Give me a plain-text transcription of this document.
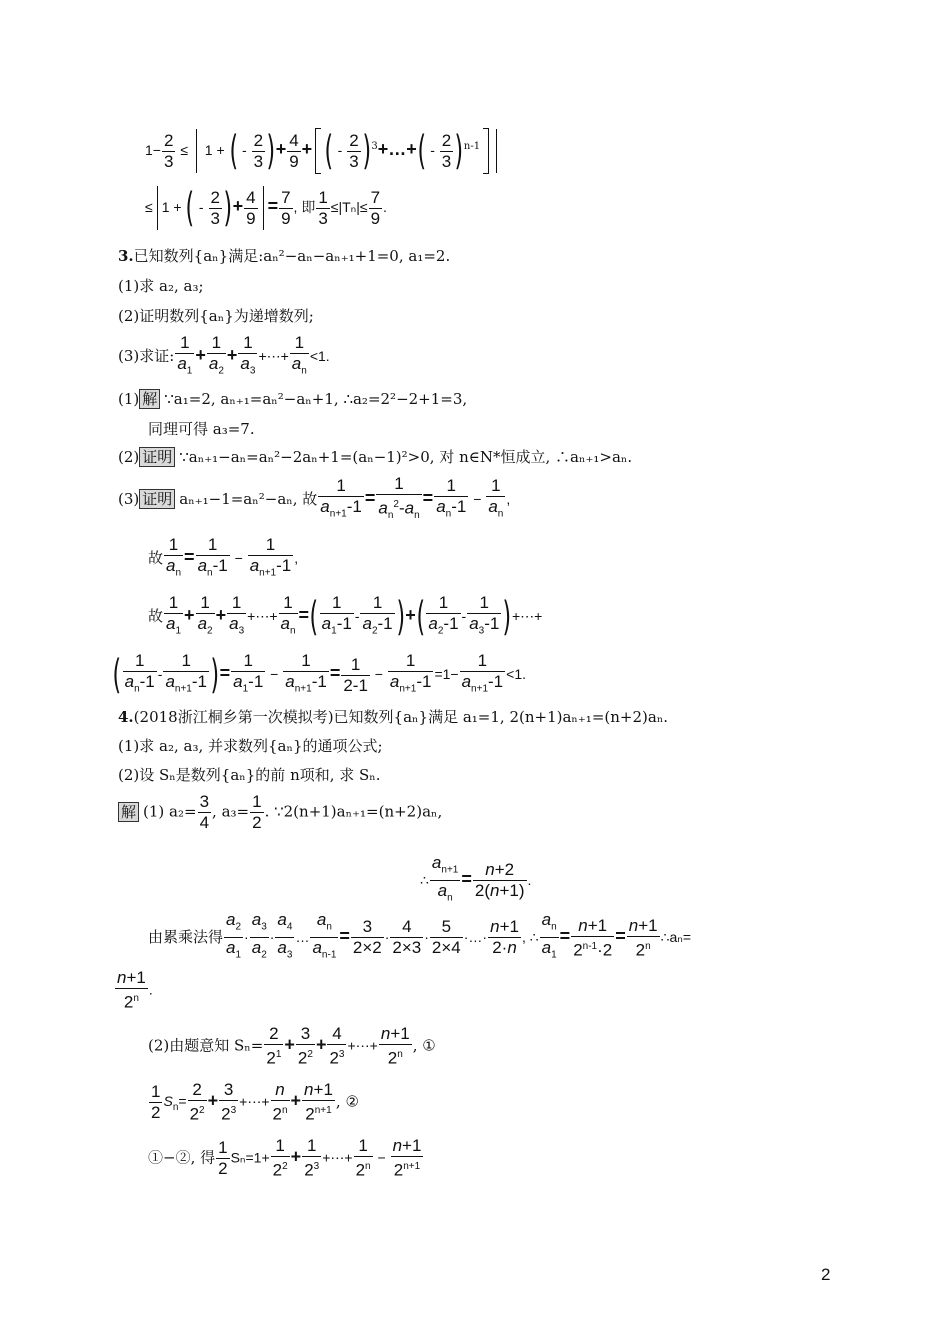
$1- \frac{2}{3} \le 1$ + ( - $\frac{2}{3}$ )+ $\frac{4}{9}$ + ( - $\frac{2}{3}$ )$^3$+…+( - $\frac{2}{3} )^{n-1}$
≤ 1 + ( - $\frac{2}{3}$ )+ $\frac{4}{9} = \frac{7}{9}$ , 即 $\frac{1}{3} \le|T_n|\le \frac{7}{9}$ .
3.已知数列{aₙ}满足:aₙ²−aₙ−aₙ₊₁+1=0, a₁=2.
(1)求 a₂, a₃;
(2)证明数列{aₙ}为递增数列;
(3)求证: $\frac{1}{a_1} + \frac{1}{a_2} + \frac{1}{a_3}$ +⋯+ $\frac{1}{a_n} <1$.
(1) 解 ∵a₁=2, aₙ₊₁=aₙ²−aₙ+1, ∴a₂=2²−2+1=3,
同理可得 a₃=7.
(2) 证明 ∵aₙ₊₁−aₙ=aₙ²−2aₙ+1=(aₙ−1)²>0, 对 n∈N*恒成立, ∴aₙ₊₁>aₙ.
(3) 证明 aₙ₊₁−1=aₙ²−aₙ, 故 $\frac{1}{a_{n+1}-1} = \frac{1}{a_n^2-a_n} = \frac{1}{a_n-1} - \frac{1}{a_n}$ ,
故 $\frac{1}{a_n} = \frac{1}{a_n-1} - \frac{1}{a_{n+1}-1}$ ,
故 $\frac{1}{a_1} + \frac{1}{a_2} + \frac{1}{a_3}$ +⋯+ $\frac{1}{a_n}$ =( $\frac{1}{a_1-1} - \frac{1}{a_2-1}$ )+( $\frac{1}{a_2-1} - \frac{1}{a_3-1}$ )+⋯+
( $\frac{1}{a_n-1} - \frac{1}{a_{n+1}-1}$ )= $\frac{1}{a_1-1} - \frac{1}{a_{n+1}-1} = \frac{1}{2-1} - \frac{1}{a_{n+1}-1} =1- \frac{1}{a_{n+1}-1} <1$.
4.(2018浙江桐乡第一次模拟考)已知数列{aₙ}满足 a₁=1, 2(n+1)aₙ₊₁=(n+2)aₙ.
(1)求 a₂, a₃, 并求数列{aₙ}的通项公式;
(2)设 Sₙ是数列{aₙ}的前 n项和, 求 Sₙ.
解 (1) $a_2= \frac{3}{4}$ , $a_3= \frac{1}{2}$ . ∵2(n+1)aₙ₊₁=(n+2)aₙ,
∴ $\frac{a_{n+1}}{a_n} = \frac{n+2}{2(n+1)}$ .
由累乘法得 $\frac{a_2}{a_1} \cdot \frac{a_3}{a_2} \cdot \frac{a_4}{a_3}$ … $\frac{a_n}{a_{n-1}} = \frac{3}{2\times 2} \cdot \frac{4}{2\times 3} \cdot \frac{5}{2\times 4}$ ·…· $\frac{n+1}{2\cdot n}$ , ∴ $\frac{a_n}{a_1} = \frac{n+1}{2^{n-1}\cdot 2} = \frac{n+1}{2^n}$ ∴aₙ=
$\frac{n+1}{2^n}$ .
(2)由题意知 $S_n= \frac{2}{2^1} + \frac{3}{2^2} + \frac{4}{2^3}$ +⋯+ $\frac{n+1}{2^n}$ , ①
$\frac{1}{2} S_n= \frac{2}{2^2} + \frac{3}{2^3}$ +⋯+ $\frac{n}{2^n} + \frac{n+1}{2^{n+1}}$ , ②
①−②, 得 $\frac{1}{2} S_n=1+ \frac{1}{2^2} + \frac{1}{2^3}$ +⋯+ $\frac{1}{2^n} - \frac{n+1}{2^{n+1}}$
2
